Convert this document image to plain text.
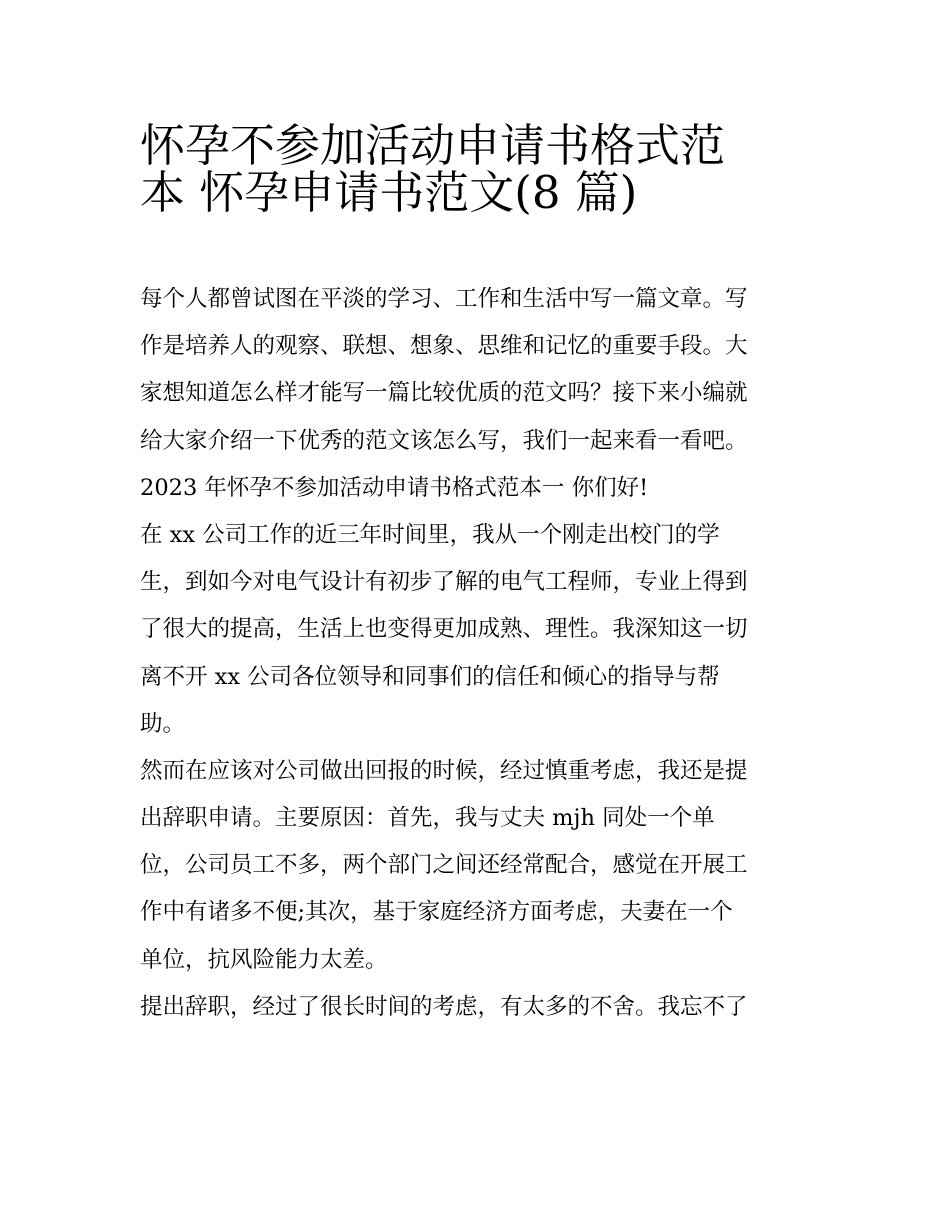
怀孕不参加活动申请书格式范
本 怀孕申请书范文(8 篇)
每个人都曾试图在平淡的学习、工作和生活中写一篇文章。写
作是培养人的观察、联想、想象、思维和记忆的重要手段。大
家想知道怎么样才能写一篇比较优质的范文吗？接下来小编就
给大家介绍一下优秀的范文该怎么写，我们一起来看一看吧。
2023 年怀孕不参加活动申请书格式范本一 你们好!
在 xx 公司工作的近三年时间里，我从一个刚走出校门的学
生，到如今对电气设计有初步了解的电气工程师，专业上得到
了很大的提高，生活上也变得更加成熟、理性。我深知这一切
离不开 xx 公司各位领导和同事们的信任和倾心的指导与帮
助。
然而在应该对公司做出回报的时候，经过慎重考虑，我还是提
出辞职申请。主要原因：首先，我与丈夫 mjh 同处一个单
位，公司员工不多，两个部门之间还经常配合，感觉在开展工
作中有诸多不便;其次，基于家庭经济方面考虑，夫妻在一个
单位，抗风险能力太差。
提出辞职，经过了很长时间的考虑，有太多的不舍。我忘不了
